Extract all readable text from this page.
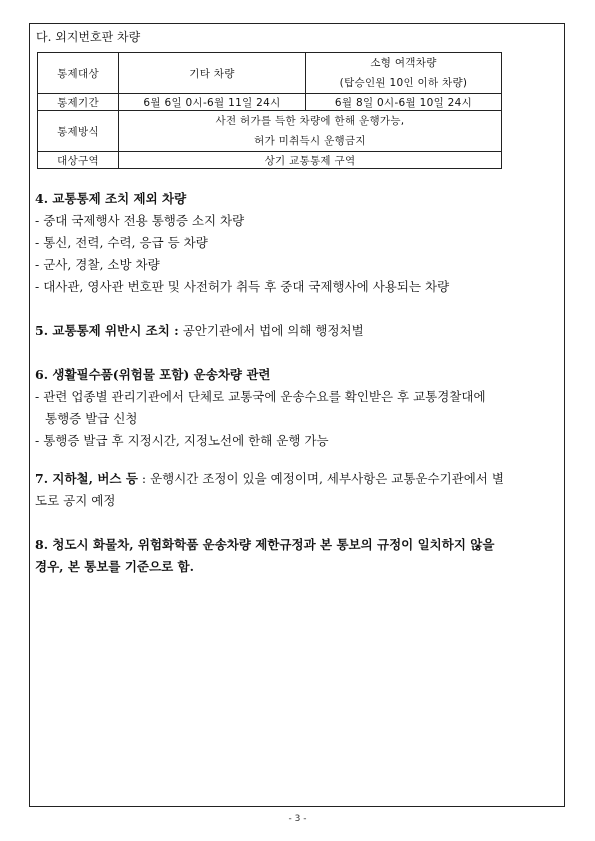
다. 외지번호판 차량
통제대상	기타 차량	소형 여객차량
(탑승인원 10인 이하 차량)

통제기간	6월 6일 0시-6월 11일 24시	6월 8일 0시-6월 10일 24시
통제방식	사전 허가를 득한 차량에 한해 운행가능,
허가 미취득시 운행금지	

대상구역	상기 교통통제 구역	
4. 교통통제 조치 제외 차량
- 중대 국제행사 전용 통행증 소지 차량
- 통신, 전력, 수력, 응급 등 차량
- 군사, 경찰, 소방 차량
- 대사관, 영사관 번호판 및 사전허가 취득 후 중대 국제행사에 사용되는 차량
5. 교통통제 위반시 조치 : 공안기관에서 법에 의해 행정처벌
6. 생활필수품(위험물 포함) 운송차량 관련
- 관련 업종별 관리기관에서 단체로 교통국에 운송수요를 확인받은 후 교통경찰대에
통행증 발급 신청
- 통행증 발급 후 지정시간, 지정노선에 한해 운행 가능
7. 지하철, 버스 등 : 운행시간 조정이 있을 예정이며, 세부사항은 교통운수기관에서 별
도로 공지 예정
8. 청도시 화물차, 위험화학품 운송차량 제한규정과 본 통보의 규정이 일치하지 않을
경우, 본 통보를 기준으로 함.
- 3 -
